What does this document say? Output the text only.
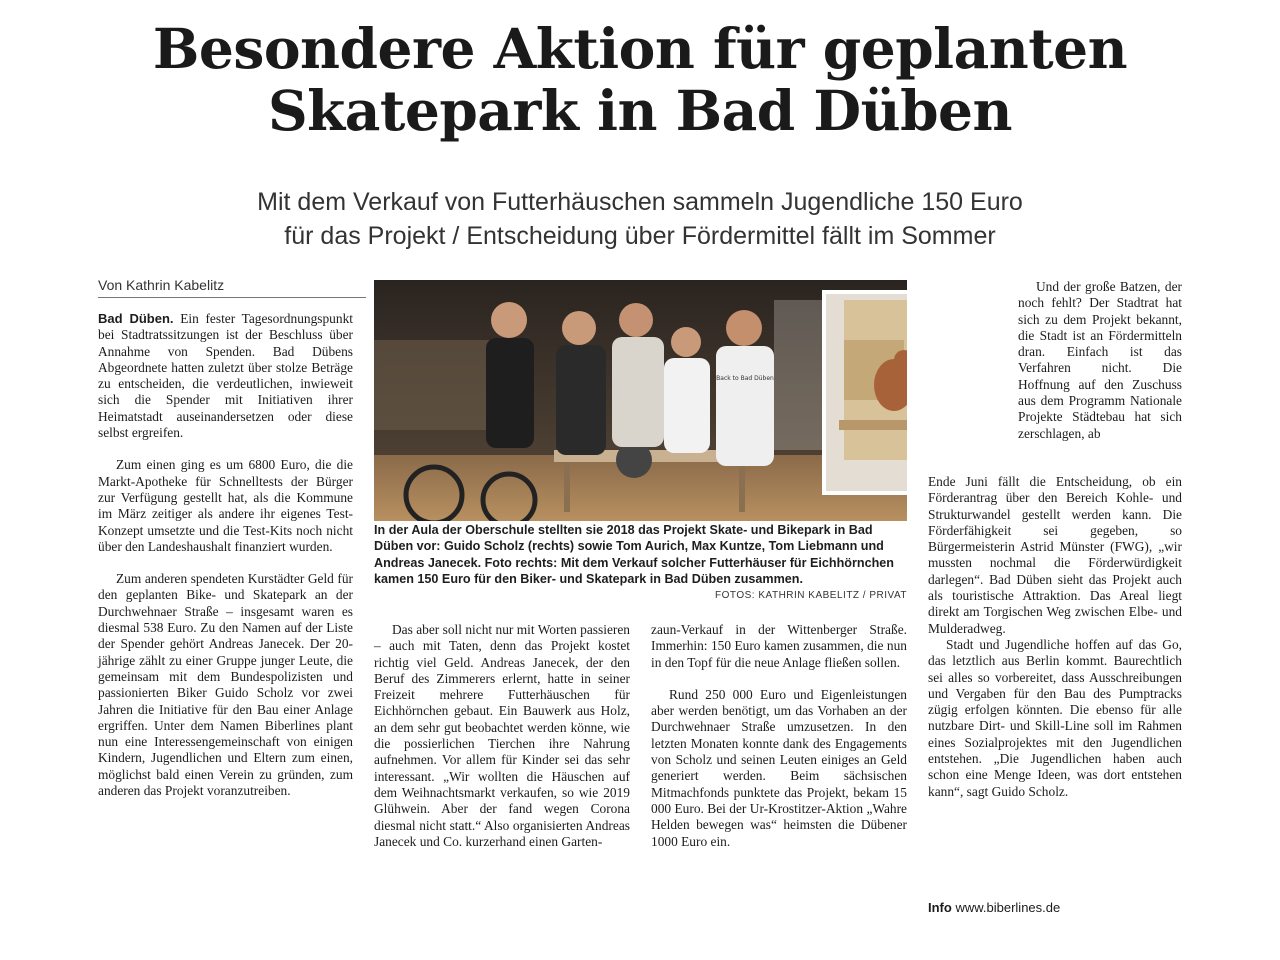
Besondere Aktion für geplanten
Skatepark in Bad Düben
Mit dem Verkauf von Futterhäuschen sammeln Jugendliche 150 Euro
für das Projekt / Entscheidung über Fördermittel fällt im Sommer
Von Kathrin Kabelitz

Bad Düben. Ein fester Tagesordnungspunkt bei Stadtratssitzungen ist der Beschluss über Annahme von Spenden. Bad Dübens Abgeordnete hatten zuletzt über stolze Beträge zu entscheiden, die verdeutlichen, inwieweit sich die Spender mit Initiativen ihrer Heimatstadt auseinandersetzen oder diese selbst ergreifen.

Zum einen ging es um 6800 Euro, die die Markt-Apotheke für Schnelltests der Bürger zur Verfügung gestellt hat, als die Kommune im März zeitiger als andere ihr eigenes Test-Konzept umsetzte und die Test-Kits noch nicht über den Landeshaushalt finanziert wurden.

Zum anderen spendeten Kurstädter Geld für den geplanten Bike- und Skatepark an der Durchwehnaer Straße – insgesamt waren es diesmal 538 Euro. Zu den Namen auf der Liste der Spender gehört Andreas Janecek. Der 20-jährige zählt zu einer Gruppe junger Leute, die gemeinsam mit dem Bundespolizisten und passionierten Biker Guido Scholz vor zwei Jahren die Initiative für den Bau einer Anlage ergriffen. Unter dem Namen Biberlines plant nun eine Interessengemeinschaft von einigen Kindern, Jugendlichen und Eltern zum einen, möglichst bald einen Verein zu gründen, zum anderen das Projekt voranzutreiben.

Back to Bad Düben
In der Aula der Oberschule stellten sie 2018 das Projekt Skate- und Bikepark in Bad Düben vor: Guido Scholz (rechts) sowie Tom Aurich, Max Kuntze, Tom Liebmann und Andreas Janecek. Foto rechts: Mit dem Verkauf solcher Futterhäuser für Eichhörnchen kamen 150 Euro für den Biker- und Skatepark in Bad Düben zusammen.
FOTOS: KATHRIN KABELITZ / PRIVAT

Das aber soll nicht nur mit Worten passieren – auch mit Taten, denn das Projekt kostet richtig viel Geld. Andreas Janecek, der den Beruf des Zimmerers erlernt, hatte in seiner Freizeit mehrere Futterhäuschen für Eichhörnchen gebaut. Ein Bauwerk aus Holz, an dem sehr gut beobachtet werden könne, wie die possierlichen Tierchen ihre Nahrung aufnehmen. Vor allem für Kinder sei das sehr interessant. „Wir wollten die Häuschen auf dem Weihnachtsmarkt verkaufen, so wie 2019 Glühwein. Aber der fand wegen Corona diesmal nicht statt.“ Also organisierten Andreas Janecek und Co. kurzerhand einen Garten-

zaun-Verkauf in der Wittenberger Straße. Immerhin: 150 Euro kamen zusammen, die nun in den Topf für die neue Anlage fließen sollen.

Rund 250 000 Euro und Eigenleistungen aber werden benötigt, um das Vorhaben an der Durchwehnaer Straße umzusetzen. In den letzten Monaten konnte dank des Engagements von Scholz und seinen Leuten einiges an Geld generiert werden. Beim sächsischen Mitmachfonds punktete das Projekt, bekam 15 000 Euro. Bei der Ur-Krostitzer-Aktion „Wahre Helden bewegen was“ heimsten die Dübener 1000 Euro ein.

Und der große Batzen, der noch fehlt? Der Stadtrat hat sich zu dem Projekt bekannt, die Stadt ist an Fördermitteln dran. Einfach ist das Verfahren nicht. Die Hoffnung auf den Zuschuss aus dem Programm Nationale Projekte Städtebau hat sich zerschlagen, ab

Ende Juni fällt die Entscheidung, ob ein Förderantrag über den Bereich Kohle- und Strukturwandel gestellt werden kann. Die Förderfähigkeit sei gegeben, so Bürgermeisterin Astrid Münster (FWG), „wir mussten nochmal die Förderwürdigkeit darlegen“. Bad Düben sieht das Projekt auch als touristische Attraktion. Das Areal liegt direkt am Torgischen Weg zwischen Elbe- und Mulderadweg.

Stadt und Jugendliche hoffen auf das Go, das letztlich aus Berlin kommt. Baurechtlich sei alles so vorbereitet, dass Ausschreibungen und Vergaben für den Bau des Pumptracks zügig erfolgen könnten. Die ebenso für alle nutzbare Dirt- und Skill-Line soll im Rahmen eines Sozialprojektes mit den Jugendlichen entstehen. „Die Jugendlichen haben auch schon eine Menge Ideen, was dort entstehen kann“, sagt Guido Scholz.

Info www.biberlines.de
